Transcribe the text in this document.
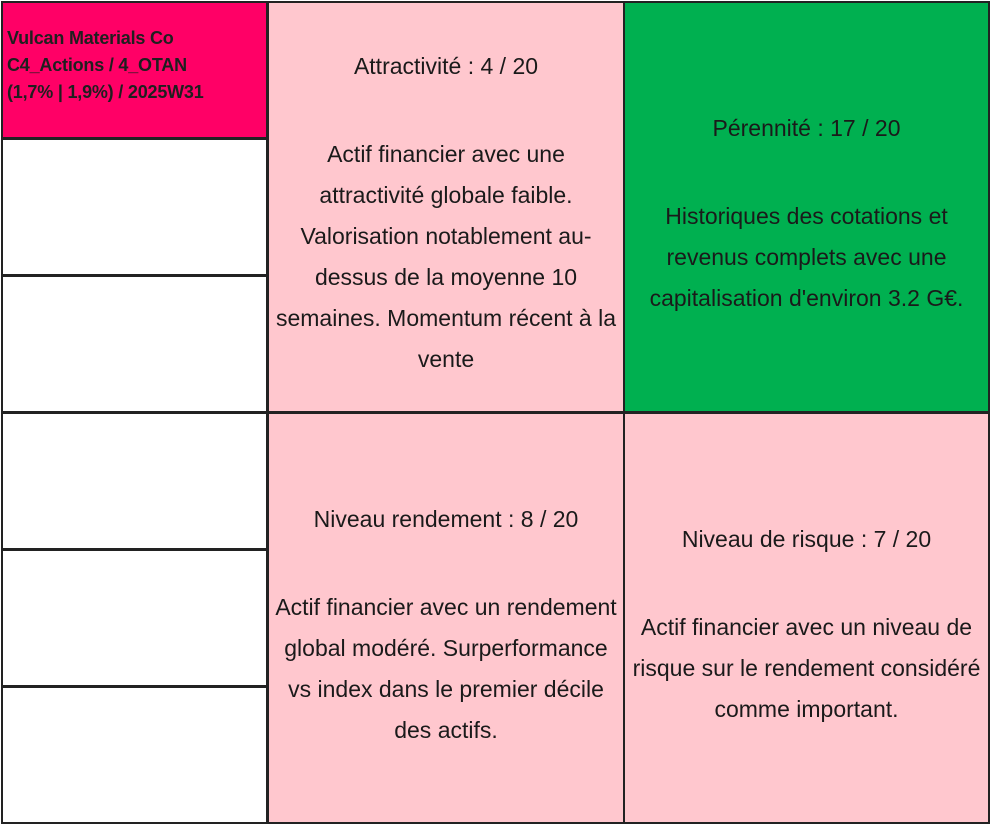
Vulcan Materials Co
C4_Actions / 4_OTAN
(1,7% | 1,9%) / 2025W31
Attractivité : 4 / 20
Actif financier avec une attractivité globale faible. Valorisation notablement au-dessus de la moyenne 10 semaines. Momentum récent à la vente
Pérennité : 17 / 20
Historiques des cotations et revenus complets avec une capitalisation d'environ 3.2 G€.
Niveau rendement : 8 / 20
Actif financier avec un rendement global modéré. Surperformance vs index dans le premier décile des actifs.
Niveau de risque : 7 / 20
Actif financier avec un niveau de risque sur le rendement considéré comme important.
